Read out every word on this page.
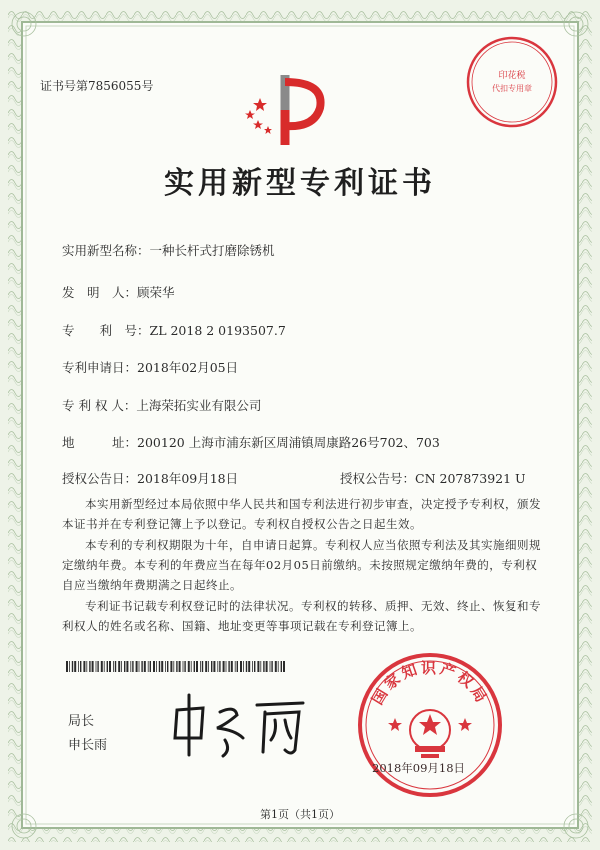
证书号第7856055号
印花税
代扣专用章
实用新型专利证书
实用新型名称：一种长杆式打磨除锈机
发　明　人：顾荣华
专　　利　号：ZL 2018 2 0193507.7
专利申请日：2018年02月05日
专 利 权 人：上海荣拓实业有限公司
地　　　址：200120 上海市浦东新区周浦镇周康路26号702、703
授权公告日：2018年09月18日	授权公告号：CN 207873921 U

本实用新型经过本局依照中华人民共和国专利法进行初步审查，决定授予专利权，颁发本证书并在专利登记簿上予以登记。专利权自授权公告之日起生效。

本专利的专利权期限为十年，自申请日起算。专利权人应当依照专利法及其实施细则规定缴纳年费。本专利的年费应当在每年02月05日前缴纳。未按照规定缴纳年费的，专利权自应当缴纳年费期满之日起终止。

专利证书记载专利权登记时的法律状况。专利权的转移、质押、无效、终止、恢复和专利权人的姓名或名称、国籍、地址变更等事项记载在专利登记簿上。

局长
申长雨
国家知识产权局
2018年09月18日
第1页（共1页）
